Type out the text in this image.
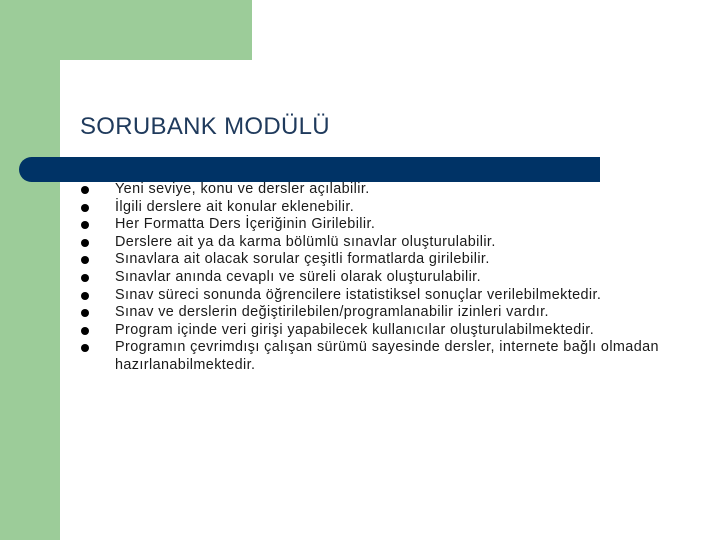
SORUBANK MODÜLÜ
Yeni seviye, konu ve dersler açılabilir.
İlgili derslere ait konular eklenebilir.
Her Formatta Ders İçeriğinin Girilebilir.
Derslere ait ya da karma bölümlü sınavlar oluşturulabilir.
Sınavlara ait olacak sorular çeşitli formatlarda girilebilir.
Sınavlar anında cevaplı ve süreli olarak oluşturulabilir.
Sınav süreci sonunda öğrencilere istatistiksel sonuçlar verilebilmektedir.
Sınav ve derslerin değiştirilebilen/programlanabilir izinleri vardır.
Program içinde veri girişi yapabilecek kullanıcılar oluşturulabilmektedir.
Programın çevrimdışı çalışan sürümü sayesinde dersler, internete bağlı olmadan hazırlanabilmektedir.
